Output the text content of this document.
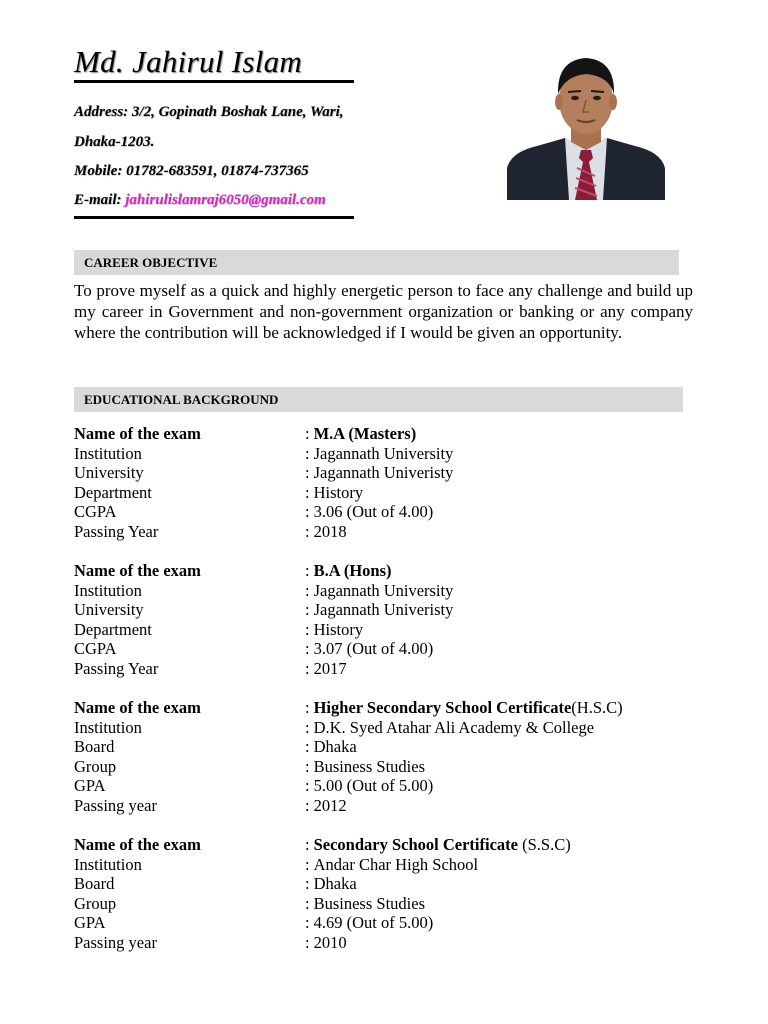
Md. Jahirul Islam
Address: 3/2, Gopinath Boshak Lane, Wari,
Dhaka-1203.
Mobile: 01782-683591, 01874-737365
E-mail: jahirulislamraj6050@gmail.com
CAREER OBJECTIVE

To prove myself as a quick and highly energetic person to face any challenge and build up my career in Government and non-government organization or banking or any company where the contribution will be acknowledged if I would be given an opportunity.

EDUCATIONAL BACKGROUND
Name of the exam	: M.A (Masters)
Institution	: Jagannath University
University	: Jagannath Univeristy
Department	: History
CGPA	: 3.06 (Out of 4.00)
Passing Year	: 2018
Name of the exam	: B.A (Hons)
Institution	: Jagannath University
University	: Jagannath Univeristy
Department	: History
CGPA	: 3.07 (Out of 4.00)
Passing Year	: 2017
Name of the exam	: Higher Secondary School Certificate(H.S.C)
Institution	: D.K. Syed Atahar Ali Academy & College
Board	: Dhaka
Group	: Business Studies
GPA	: 5.00 (Out of 5.00)
Passing year	: 2012
Name of the exam	: Secondary School Certificate (S.S.C)
Institution	: Andar Char High School
Board	: Dhaka
Group	: Business Studies
GPA	: 4.69 (Out of 5.00)
Passing year	: 2010
